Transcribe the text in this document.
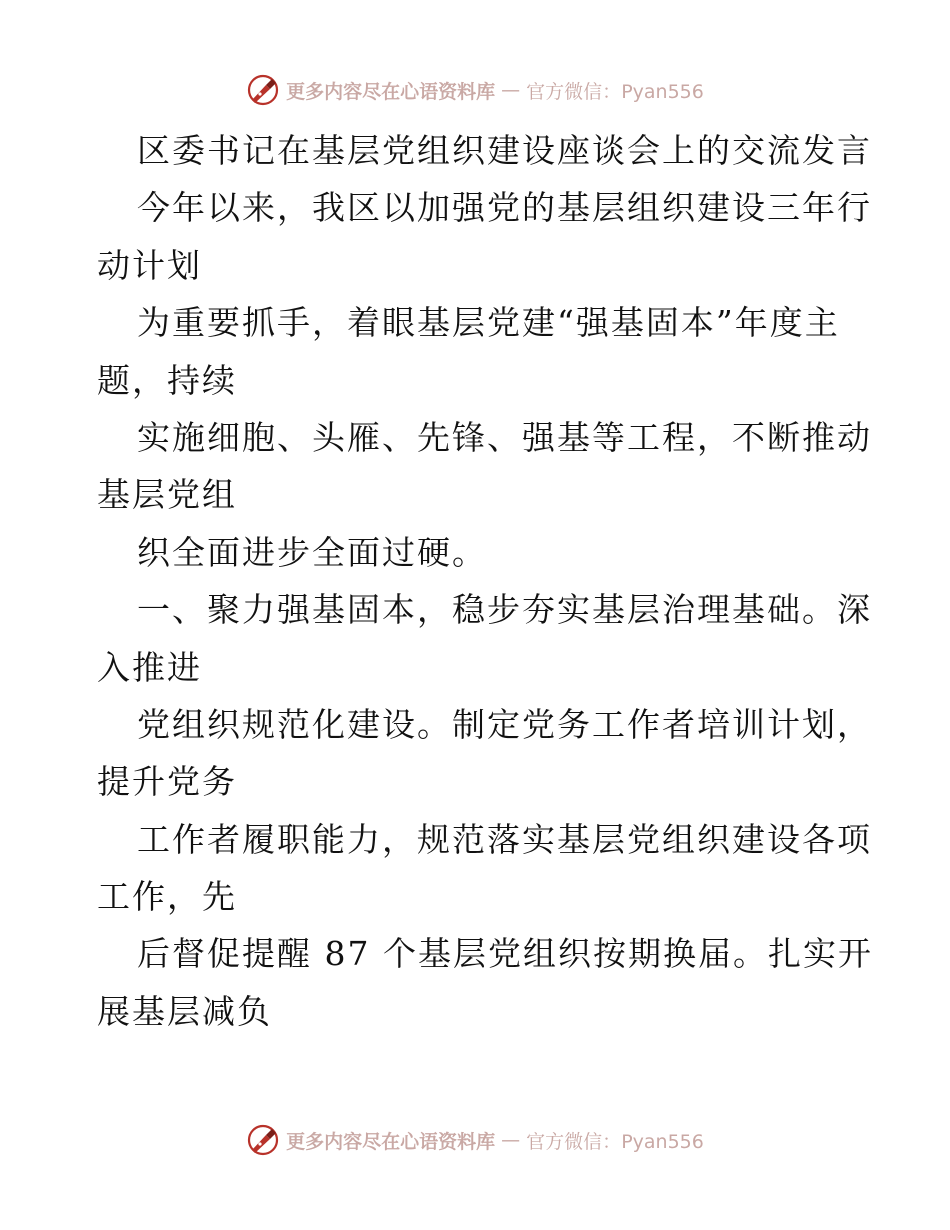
更多内容尽在心语资料库 — 官方微信：Pyan556
区委书记在基层党组织建设座谈会上的交流发言
今年以来，我区以加强党的基层组织建设三年行
动计划
为重要抓手，着眼基层党建“强基固本”年度主
题，持续
实施细胞、头雁、先锋、强基等工程，不断推动
基层党组
织全面进步全面过硬。
一、聚力强基固本，稳步夯实基层治理基础。深
入推进
党组织规范化建设。制定党务工作者培训计划，
提升党务
工作者履职能力，规范落实基层党组织建设各项
工作，先
后督促提醒 87 个基层党组织按期换届。扎实开
展基层减负
更多内容尽在心语资料库 — 官方微信：Pyan556
